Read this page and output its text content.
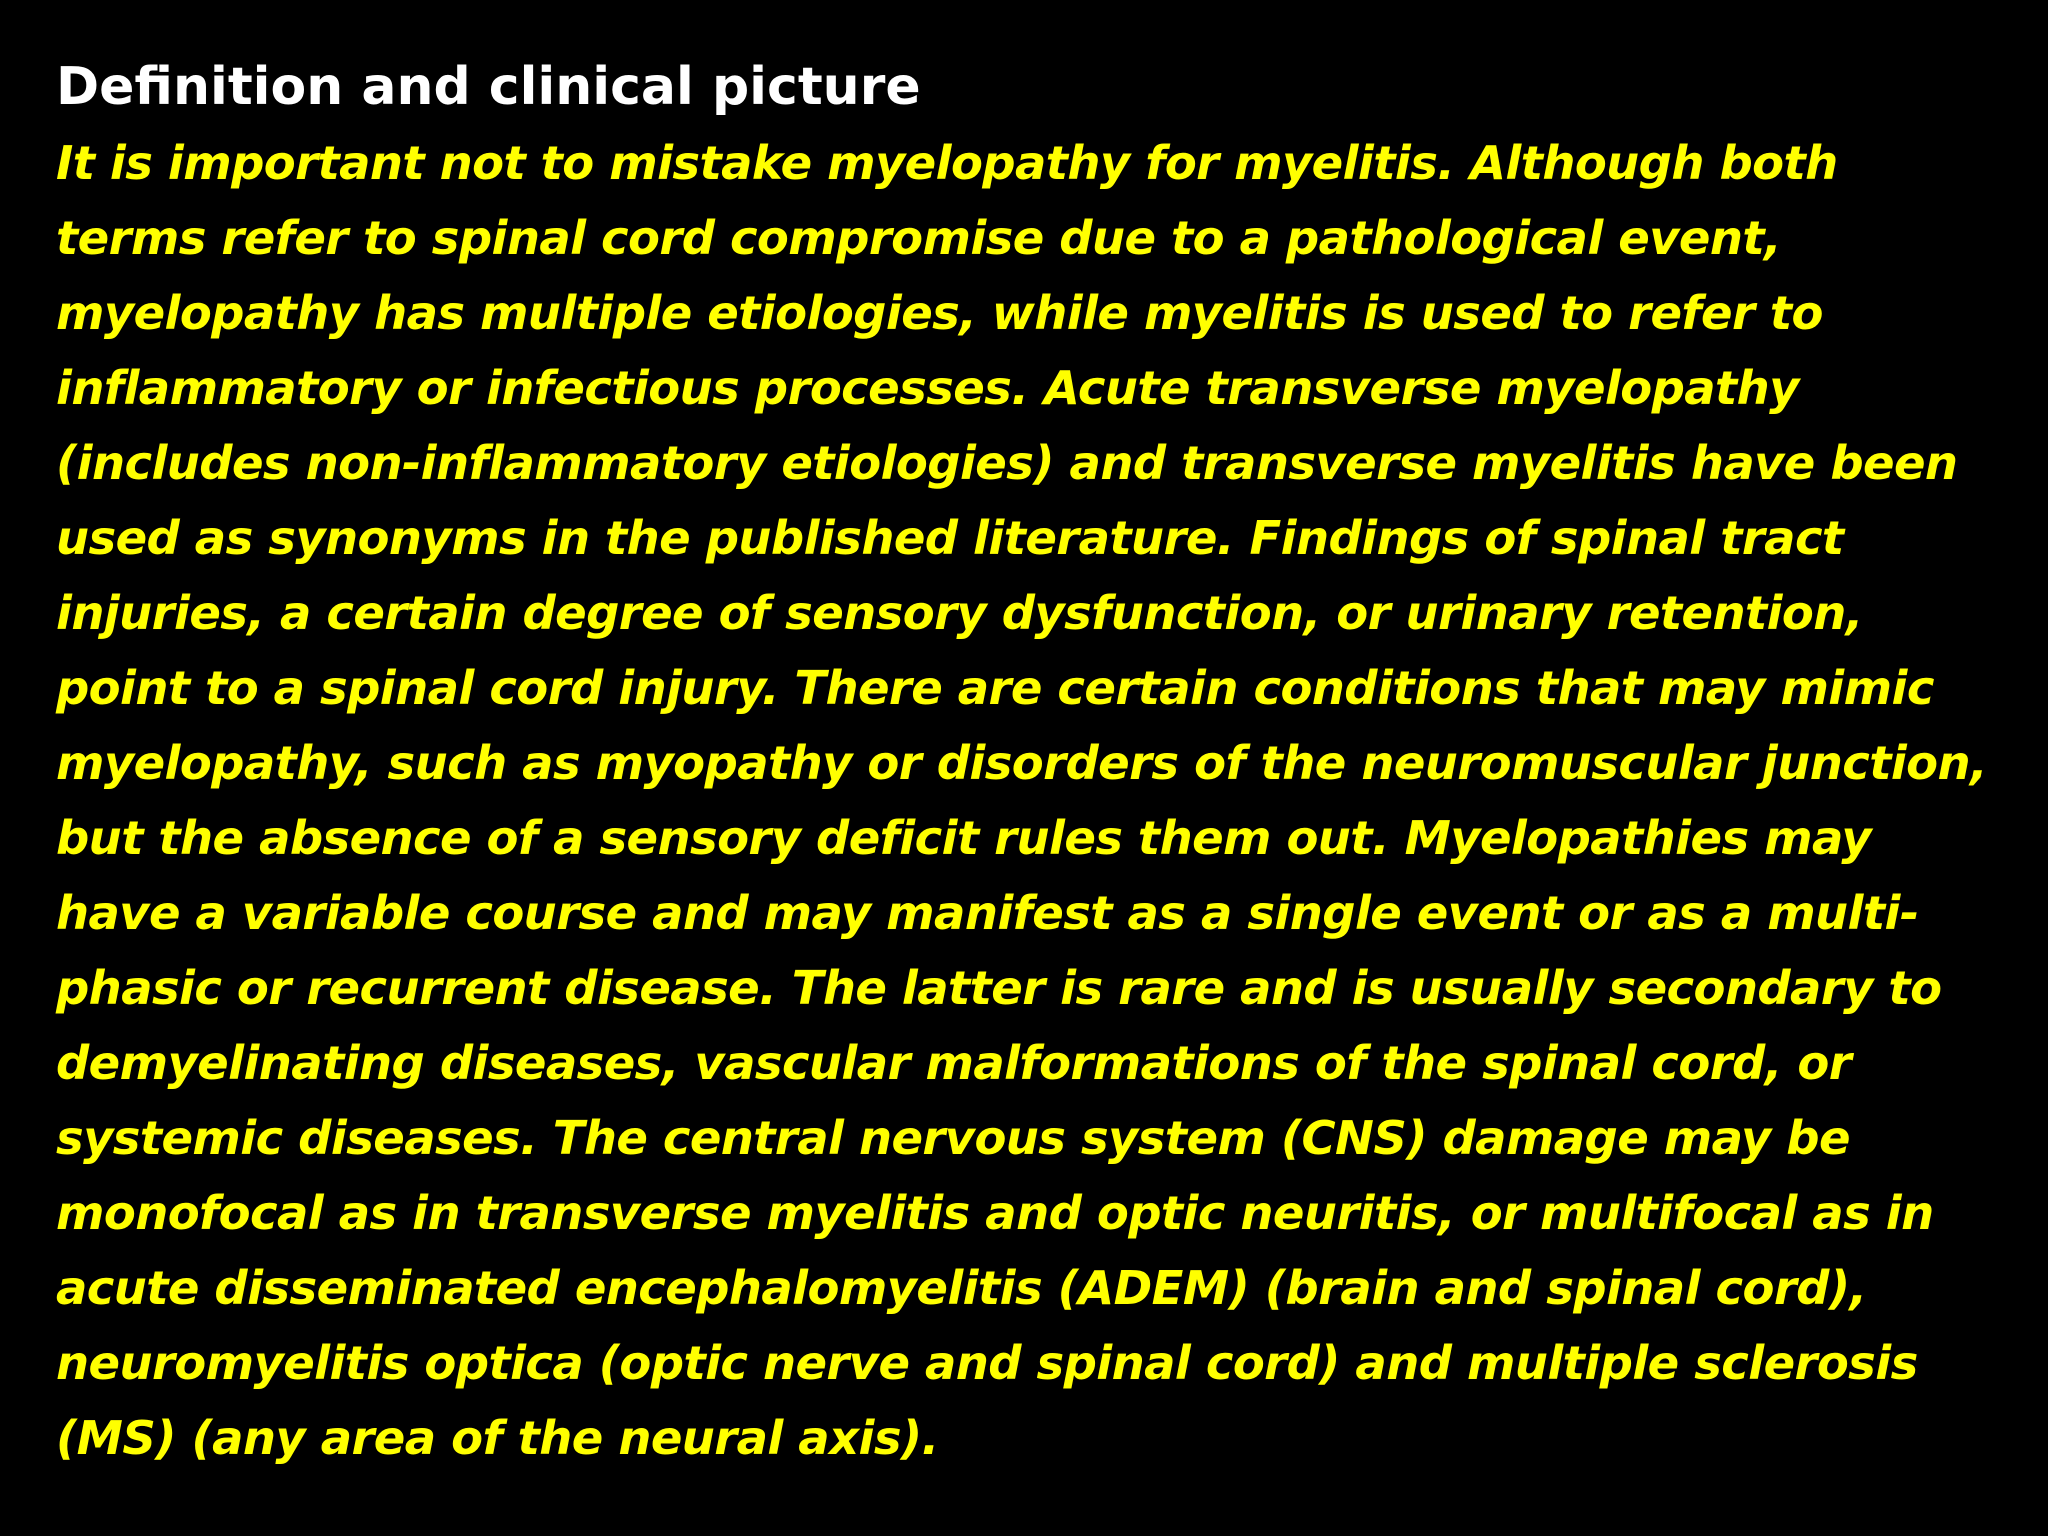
Definition and clinical picture
It is important not to mistake myelopathy for myelitis. Although both
terms refer to spinal cord compromise due to a pathological event,
myelopathy has multiple etiologies, while myelitis is used to refer to
inflammatory or infectious processes. Acute transverse myelopathy
(includes non-inflammatory etiologies) and transverse myelitis have been
used as synonyms in the published literature. Findings of spinal tract
injuries, a certain degree of sensory dysfunction, or urinary retention,
point to a spinal cord injury. There are certain conditions that may mimic
myelopathy, such as myopathy or disorders of the neuromuscular junction,
but the absence of a sensory deficit rules them out. Myelopathies may
have a variable course and may manifest as a single event or as a multi-
phasic or recurrent disease. The latter is rare and is usually secondary to
demyelinating diseases, vascular malformations of the spinal cord, or
systemic diseases. The central nervous system (CNS) damage may be
monofocal as in transverse myelitis and optic neuritis, or multifocal as in
acute disseminated encephalomyelitis (ADEM) (brain and spinal cord),
neuromyelitis optica (optic nerve and spinal cord) and multiple sclerosis
(MS) (any area of the neural axis).
